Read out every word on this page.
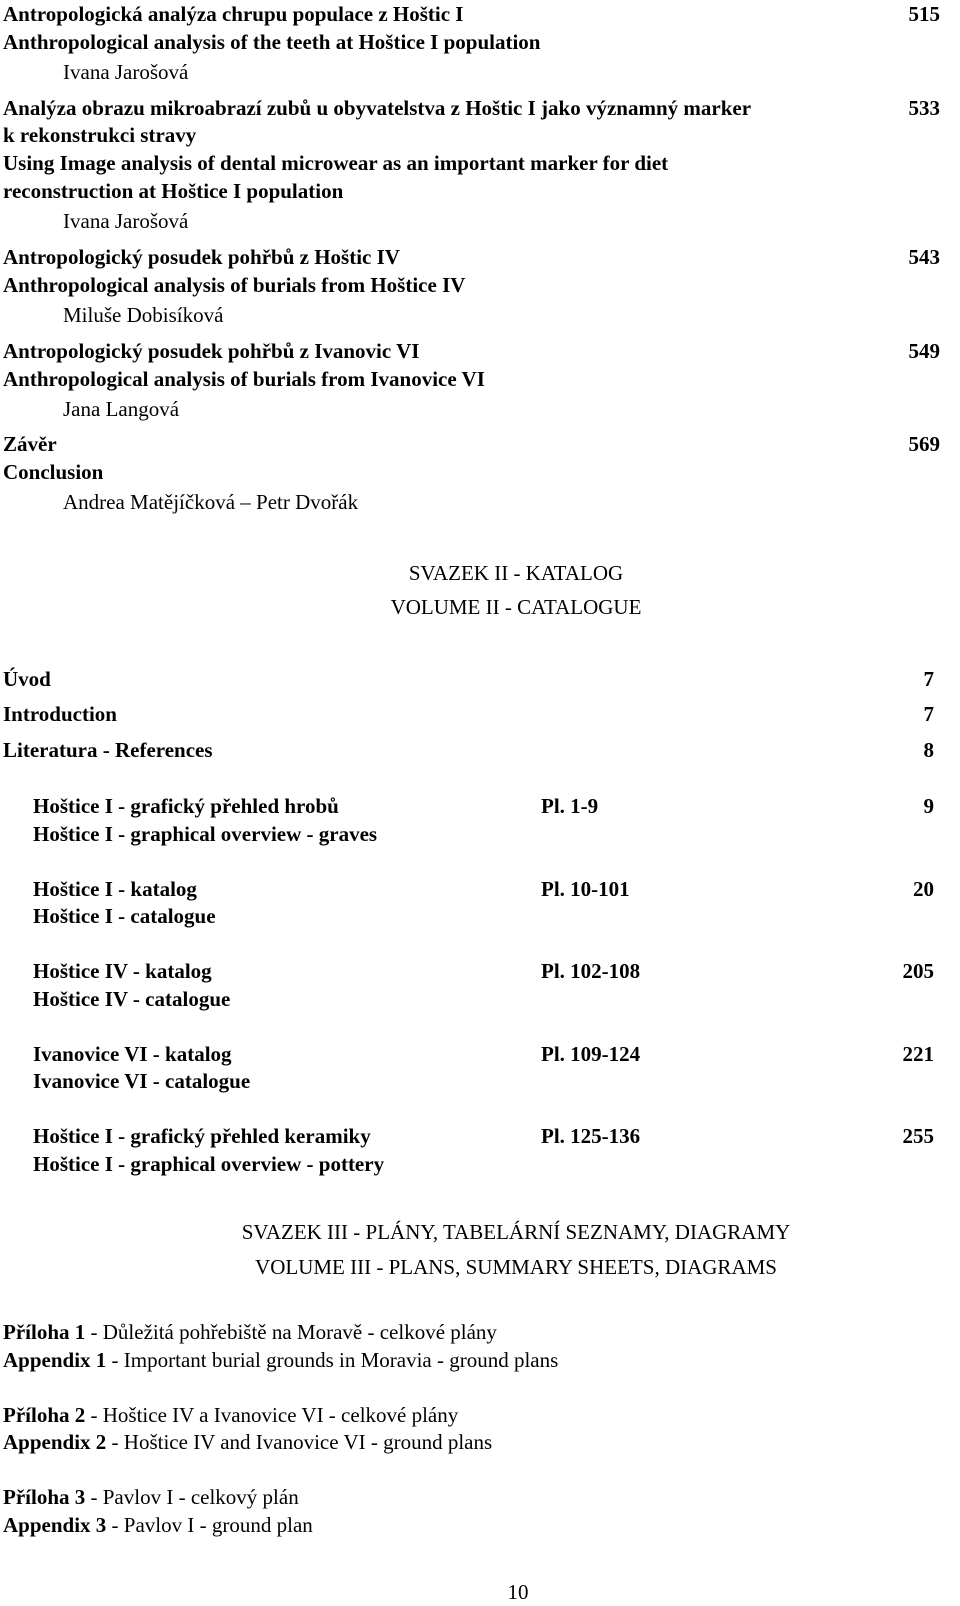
Antropologická analýza chrupu populace z Hoštic I	515
Anthropological analysis of the teeth at Hoštice I population
Ivana Jarošová
Analýza obrazu mikroabrazí zubů u obyvatelstva z Hoštic I jako významný marker	533
k rekonstrukci stravy
Using Image analysis of dental microwear as an important marker for diet
reconstruction at Hoštice I population
Ivana Jarošová
Antropologický posudek pohřbů z Hoštic IV	543
Anthropological analysis of burials from Hoštice IV
Miluše Dobisíková
Antropologický posudek pohřbů z Ivanovic VI	549
Anthropological analysis of burials from Ivanovice VI
Jana Langová
Závěr	569
Conclusion
Andrea Matějíčková – Petr Dvořák
SVAZEK II - KATALOG
VOLUME II - CATALOGUE
Úvod	7
Introduction	7
Literatura - References	8
Hoštice I - grafický přehled hrobů	Pl. 1-9	9
Hoštice I - graphical overview - graves
Hoštice I - katalog	Pl. 10-101	20
Hoštice I - catalogue
Hoštice IV - katalog	Pl. 102-108	205
Hoštice IV - catalogue
Ivanovice VI - katalog	Pl. 109-124	221
Ivanovice VI - catalogue
Hoštice I - grafický přehled keramiky	Pl. 125-136	255
Hoštice I - graphical overview - pottery
SVAZEK III - PLÁNY, TABELÁRNÍ SEZNAMY, DIAGRAMY
VOLUME III - PLANS, SUMMARY SHEETS, DIAGRAMS
Příloha 1 - Důležitá pohřebiště na Moravě - celkové plány
Appendix 1 - Important burial grounds in Moravia - ground plans
Příloha 2 - Hoštice IV a Ivanovice VI - celkové plány
Appendix 2 - Hoštice IV and Ivanovice VI - ground plans
Příloha 3 - Pavlov I - celkový plán
Appendix 3 - Pavlov I - ground plan
10
